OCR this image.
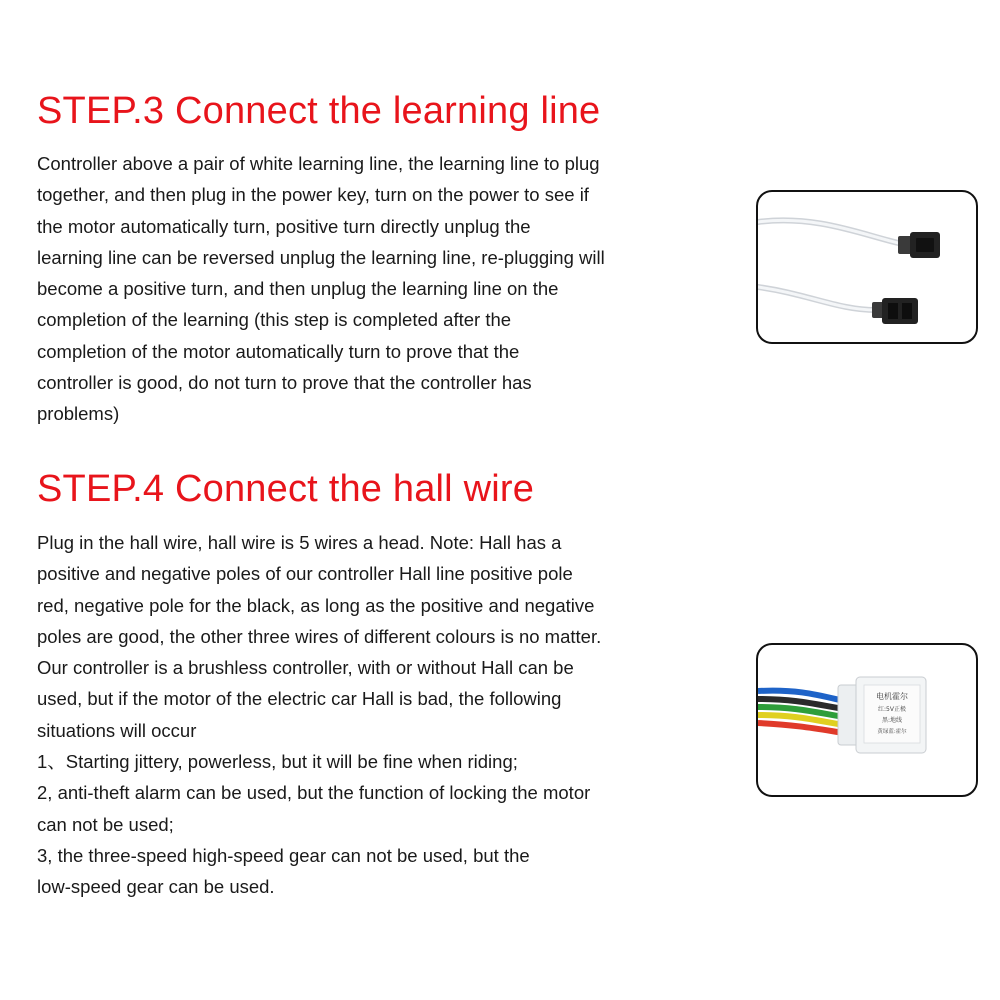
STEP.3 Connect the learning line
Controller above a pair of white learning line, the learning line to plug
together, and then plug in the power key, turn on the power to see if
the motor automatically turn, positive turn directly unplug the
learning line can be reversed unplug the learning line, re-plugging will
become a positive turn, and then unplug the learning line on the
completion of the learning (this step is completed after the
completion of the motor automatically turn to prove that the
controller is good, do not turn to prove that the controller has
problems)
STEP.4 Connect the hall wire
Plug in the hall wire, hall wire is 5 wires a head. Note: Hall has a
positive and negative poles of our controller Hall line positive pole
red, negative pole for the black, as long as the positive and negative
poles are good, the other three wires of different colours is no matter.
Our controller is a brushless controller, with or without Hall can be
used, but if the motor of the electric car Hall is bad, the following
situations will occur
1、Starting jittery, powerless, but it will be fine when riding;
2, anti-theft alarm can be used, but the function of locking the motor
can not be used;
3, the three-speed high-speed gear can not be used, but the
low-speed gear can be used.
电机霍尔
红:5V正极
黑:地线
黄绿蓝:霍尔
